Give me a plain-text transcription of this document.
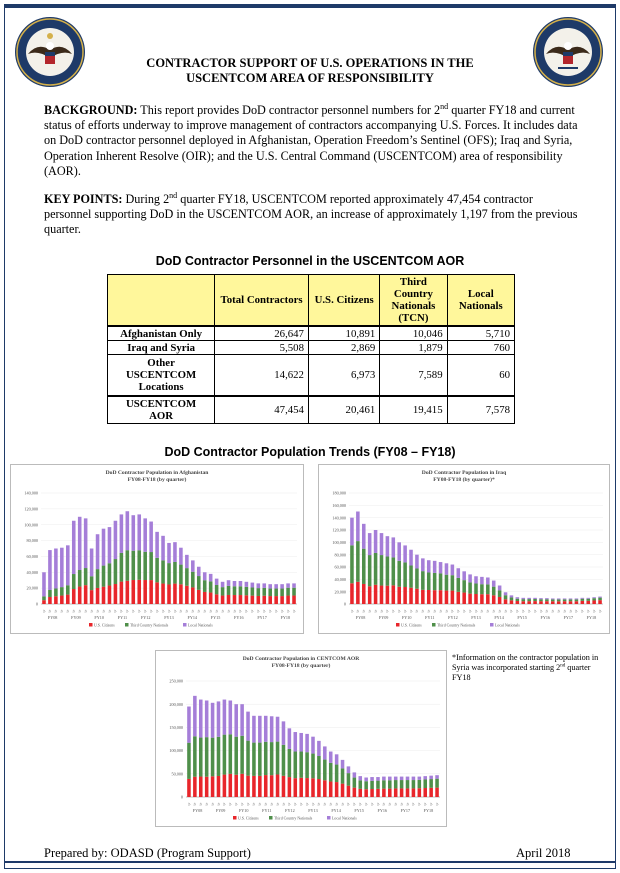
CONTRACTOR SUPPORT OF U.S. OPERATIONS IN THE
USCENTCOM AREA OF RESPONSIBILITY
BACKGROUND: This report provides DoD contractor personnel numbers for 2nd quarter FY18 and current status of efforts underway to improve management of contractors accompanying U.S. Forces. It includes data on DoD contractor personnel deployed in Afghanistan, Operation Freedom’s Sentinel (OFS); Iraq and Syria, Operation Inherent Resolve (OIR); and the U.S. Central Command (USCENTCOM) area of responsibility (AOR).
KEY POINTS: During 2nd quarter FY18, USCENTCOM reported approximately 47,454 contractor personnel supporting DoD in the USCENTCOM AOR, an increase of approximately 1,197 from the previous quarter.
DoD Contractor Personnel in the USCENTCOM AOR
	Total Contractors	U.S. Citizens	Third Country Nationals (TCN)	Local Nationals
Afghanistan Only	26,647	10,891	10,046	5,710
Iraq and Syria	5,508	2,869	1,879	760
Other USCENTCOM Locations	14,622	6,973	7,589	60
USCENTCOM AOR	47,454	20,461	19,415	7,578
DoD Contractor Population Trends (FY08 – FY18)
DoD Contractor Population in Afghanistan
FY08-FY18 (by quarter)
140,000
120,000
100,000
80,000
60,000
40,000
20,000
0
Qtr Qtr Qtr Qtr Qtr Qtr Qtr Qtr Qtr Qtr Qtr Qtr Qtr Qtr Qtr Qtr Qtr Qtr Qtr Qtr Qtr Qtr Qtr Qtr Qtr Qtr Qtr Qtr Qtr Qtr Qtr Qtr Qtr Qtr Qtr Qtr Qtr Qtr Qtr Qtr Qtr Qtr Qtr
FY08	FY09	FY10	FY11	FY12	FY13	FY14	FY15	FY16	FY17	FY18
U.S. Citizens	Third Country Nationals	Local Nationals
DoD Contractor Population in Iraq
FY08-FY18 (by quarter)*
180,000
160,000
140,000
120,000
100,000
80,000
60,000
40,000
20,000
0
Qtr Qtr Qtr Qtr Qtr Qtr Qtr Qtr Qtr Qtr Qtr Qtr Qtr Qtr Qtr Qtr Qtr Qtr Qtr Qtr Qtr Qtr Qtr Qtr Qtr Qtr Qtr Qtr Qtr Qtr Qtr Qtr Qtr Qtr Qtr Qtr Qtr Qtr Qtr Qtr Qtr Qtr Qtr
FY08	FY09	FY10	FY11	FY12	FY13	FY14	FY15	FY16	FY17	FY18
U.S. Citizens	Third Country Nationals	Local Nationals
DoD Contractor Population in CENTCOM AOR
FY08-FY18 (by quarter)
250,000
200,000
150,000
100,000
50,000
0
Qtr Qtr Qtr Qtr Qtr Qtr Qtr Qtr Qtr Qtr Qtr Qtr Qtr Qtr Qtr Qtr Qtr Qtr Qtr Qtr Qtr Qtr Qtr Qtr Qtr Qtr Qtr Qtr Qtr Qtr Qtr Qtr Qtr Qtr Qtr Qtr Qtr Qtr Qtr Qtr Qtr Qtr Qtr
FY08	FY09	FY10	FY11	FY12	FY13	FY14	FY15	FY16	FY17	FY18
U.S. Citizens	Third Country Nationals	Local Nationals
*Information on the contractor population in Syria was incorporated starting 2nd quarter FY18
Prepared by: ODASD (Program Support)	April 2018
